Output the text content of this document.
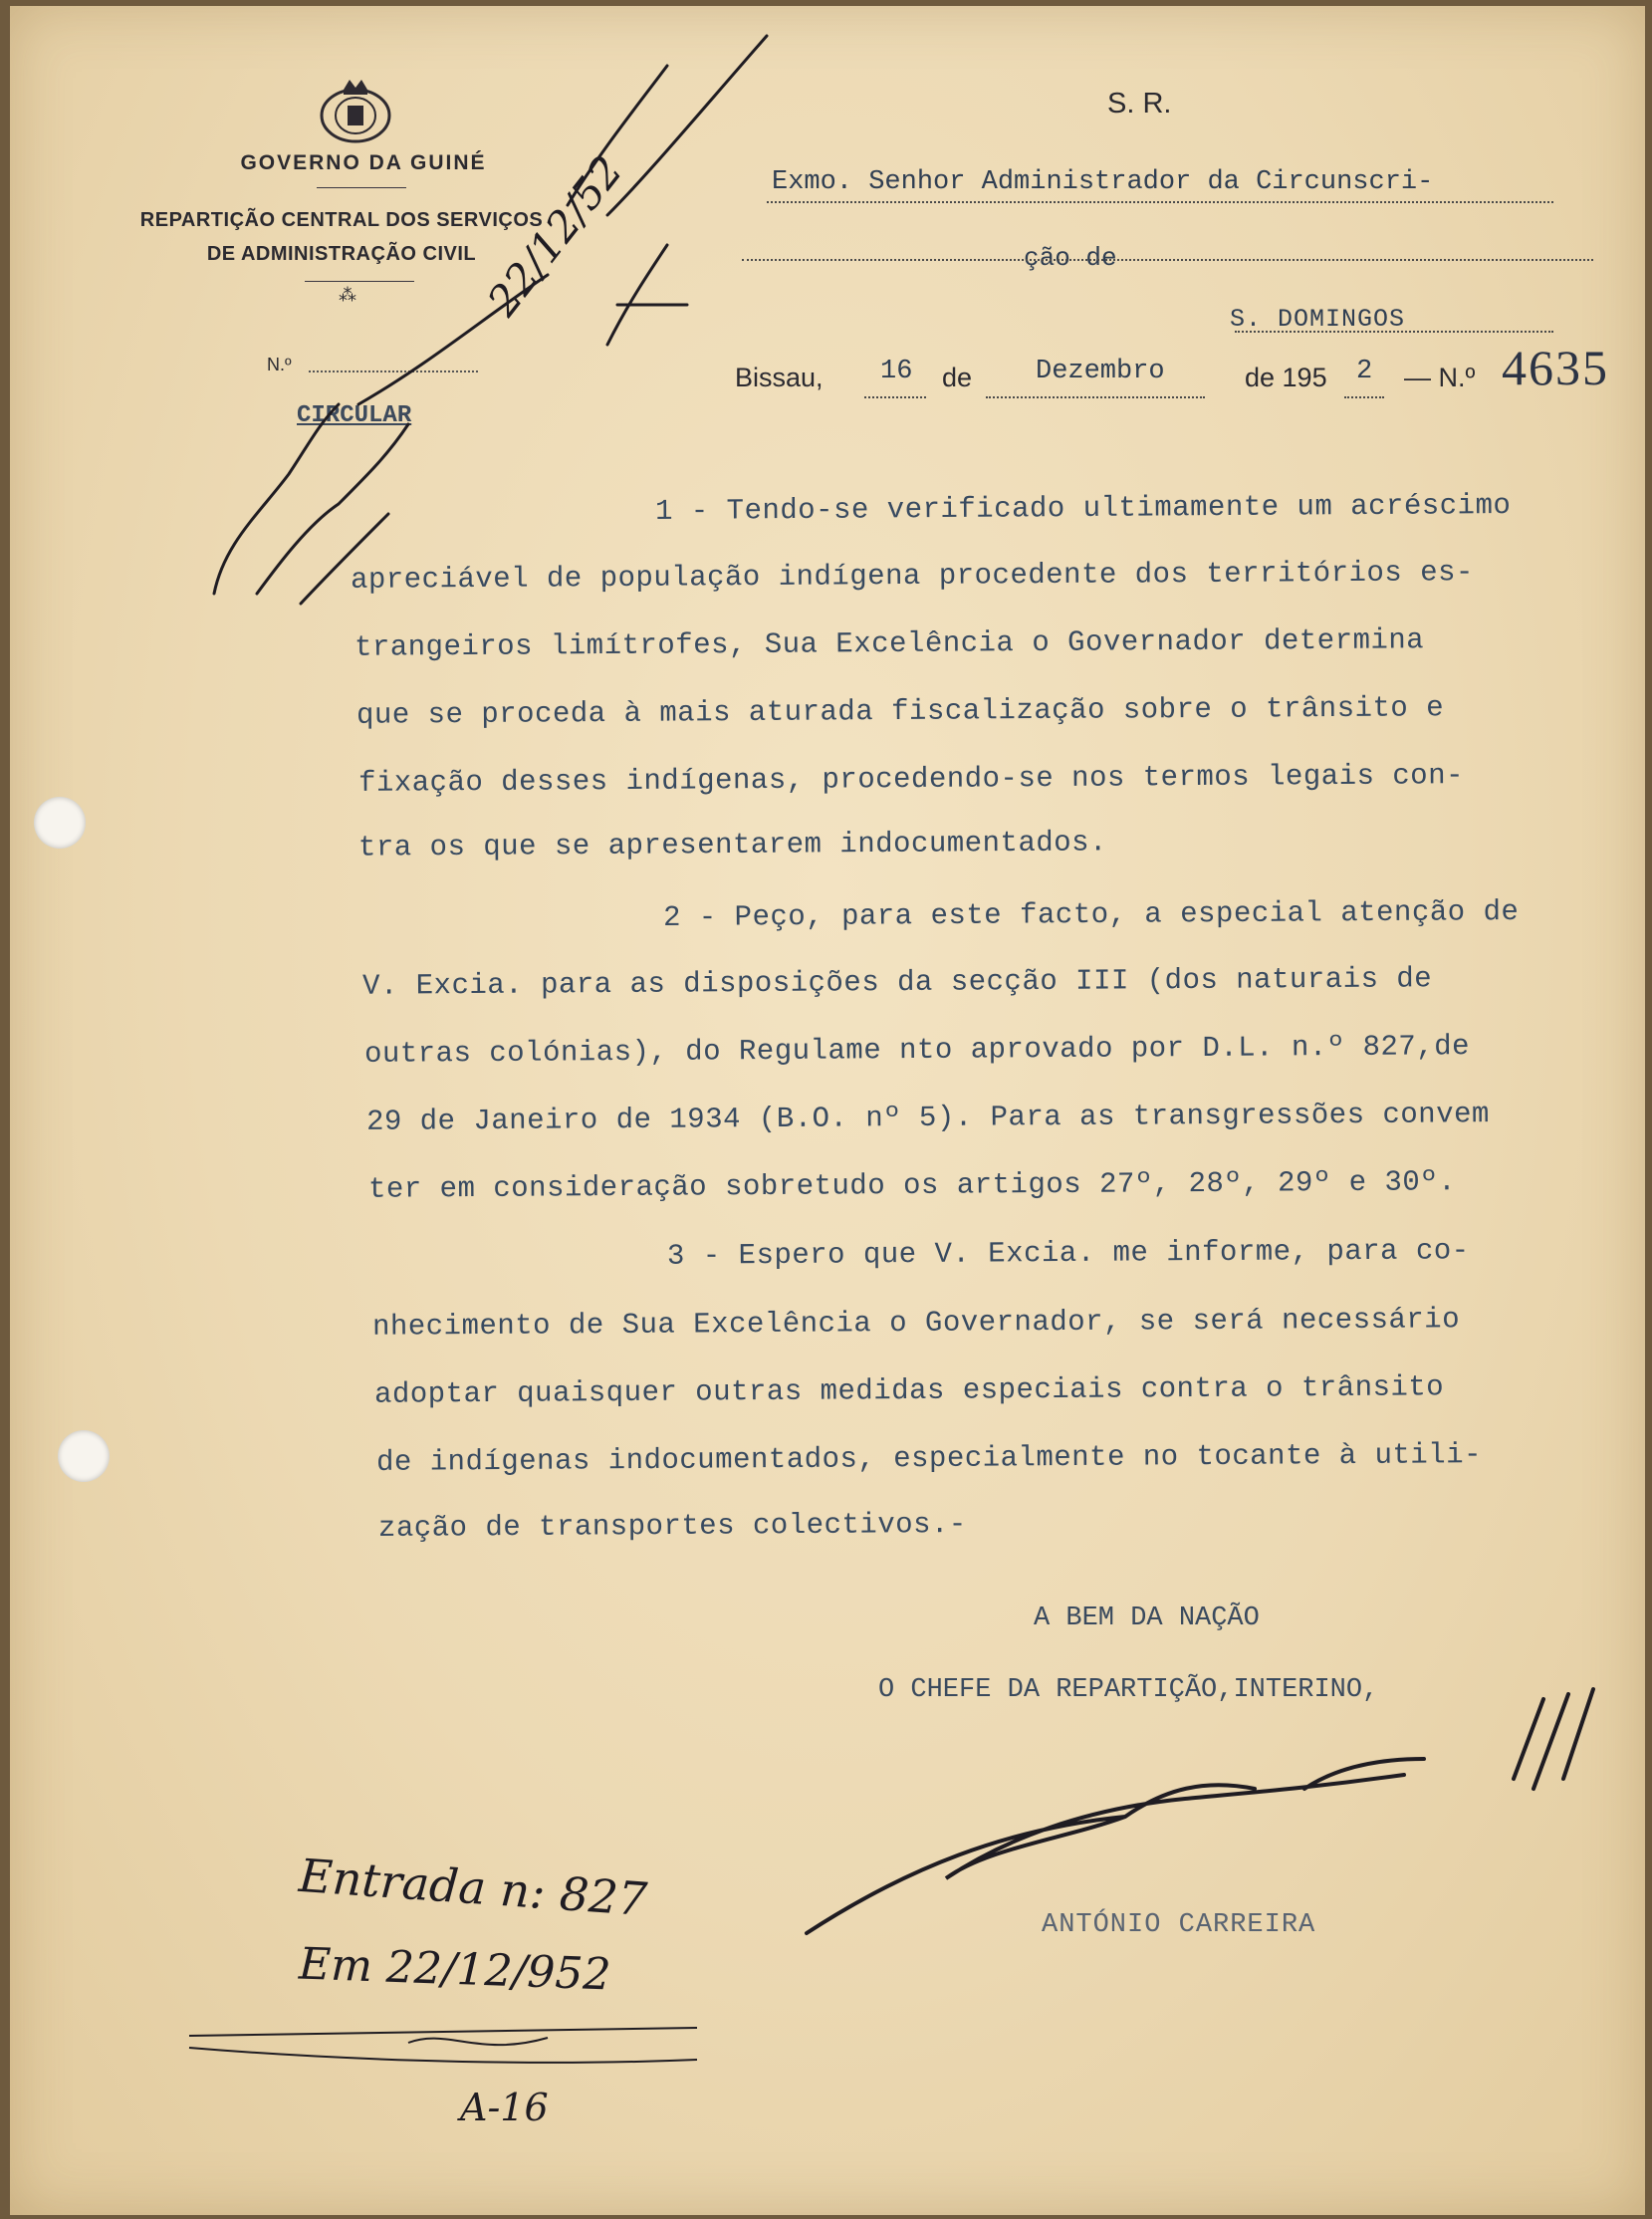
GOVERNO DA GUINÉ
REPARTIÇÃO CENTRAL DOS SERVIÇOS
DE ADMINISTRAÇÃO CIVIL
⁂
N.º
CIRCULAR
S. R.
Exmo. Senhor Administrador da Circunscri-
ção de
S. DOMINGOS
Bissau, 16 de Dezembro	de 195 2 — N.º 4635
1 - Tendo-se verificado ultimamente um acréscimo
apreciável de população indígena procedente dos territórios es-
trangeiros limítrofes, Sua Excelência o Governador determina
que se proceda à mais aturada fiscalização sobre o trânsito e
fixação desses indígenas, procedendo-se nos termos legais con-
tra os que se apresentarem indocumentados.
2 - Peço, para este facto, a especial atenção de
V. Excia. para as disposições da secção III (dos naturais de
outras colónias), do Regulame nto aprovado por D.L. n.º 827,de
29 de Janeiro de 1934 (B.O. nº 5). Para as transgressões convem
ter em consideração sobretudo os artigos 27º, 28º, 29º e 30º.
3 - Espero que V. Excia. me informe, para co-
nhecimento de Sua Excelência o Governador, se será necessário
adoptar quaisquer outras medidas especiais contra o trânsito
de indígenas indocumentados, especialmente no tocante à utili-
zação de transportes colectivos.-
A BEM DA NAÇÃO
O CHEFE DA REPARTIÇÃO,INTERINO,
ANTÓNIO CARREIRA
Entrada n: 827
Em 22/12/952
A-16
22/12/52
